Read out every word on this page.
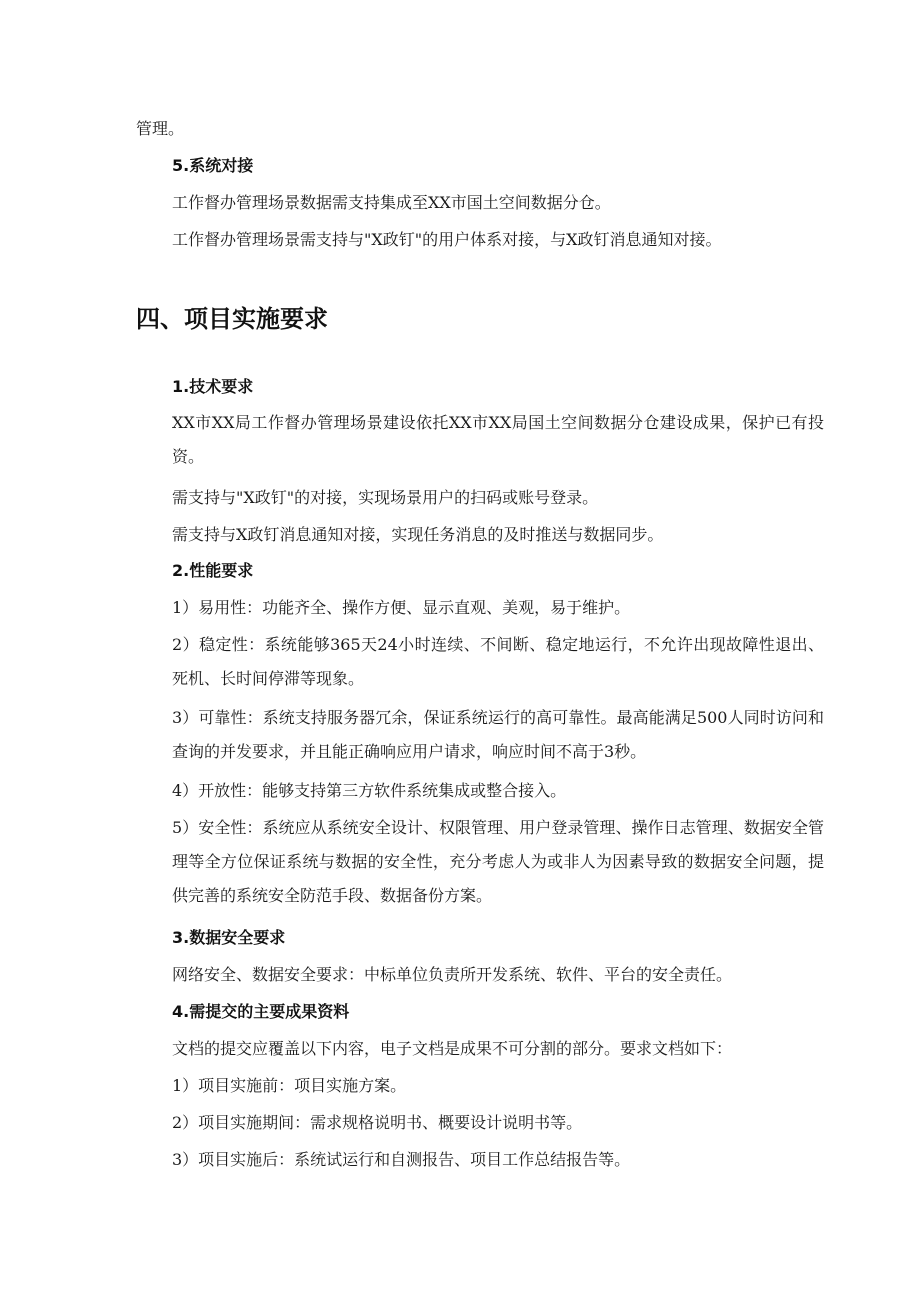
管理。

5.系统对接

工作督办管理场景数据需支持集成至XX市国土空间数据分仓。

工作督办管理场景需支持与"X政钉"的用户体系对接，与X政钉消息通知对接。

四、项目实施要求
1.技术要求

XX市XX局工作督办管理场景建设依托XX市XX局国土空间数据分仓建设成果，保护已有投资。

需支持与"X政钉"的对接，实现场景用户的扫码或账号登录。

需支持与X政钉消息通知对接，实现任务消息的及时推送与数据同步。

2.性能要求

1）易用性：功能齐全、操作方便、显示直观、美观，易于维护。

2）稳定性：系统能够365天24小时连续、不间断、稳定地运行，不允许出现故障性退出、死机、长时间停滞等现象。

3）可靠性：系统支持服务器冗余，保证系统运行的高可靠性。最高能满足500人同时访问和查询的并发要求，并且能正确响应用户请求，响应时间不高于3秒。

4）开放性：能够支持第三方软件系统集成或整合接入。

5）安全性：系统应从系统安全设计、权限管理、用户登录管理、操作日志管理、数据安全管理等全方位保证系统与数据的安全性，充分考虑人为或非人为因素导致的数据安全问题，提供完善的系统安全防范手段、数据备份方案。

3.数据安全要求

网络安全、数据安全要求：中标单位负责所开发系统、软件、平台的安全责任。

4.需提交的主要成果资料

文档的提交应覆盖以下内容，电子文档是成果不可分割的部分。要求文档如下：

1）项目实施前：项目实施方案。

2）项目实施期间：需求规格说明书、概要设计说明书等。

3）项目实施后：系统试运行和自测报告、项目工作总结报告等。
